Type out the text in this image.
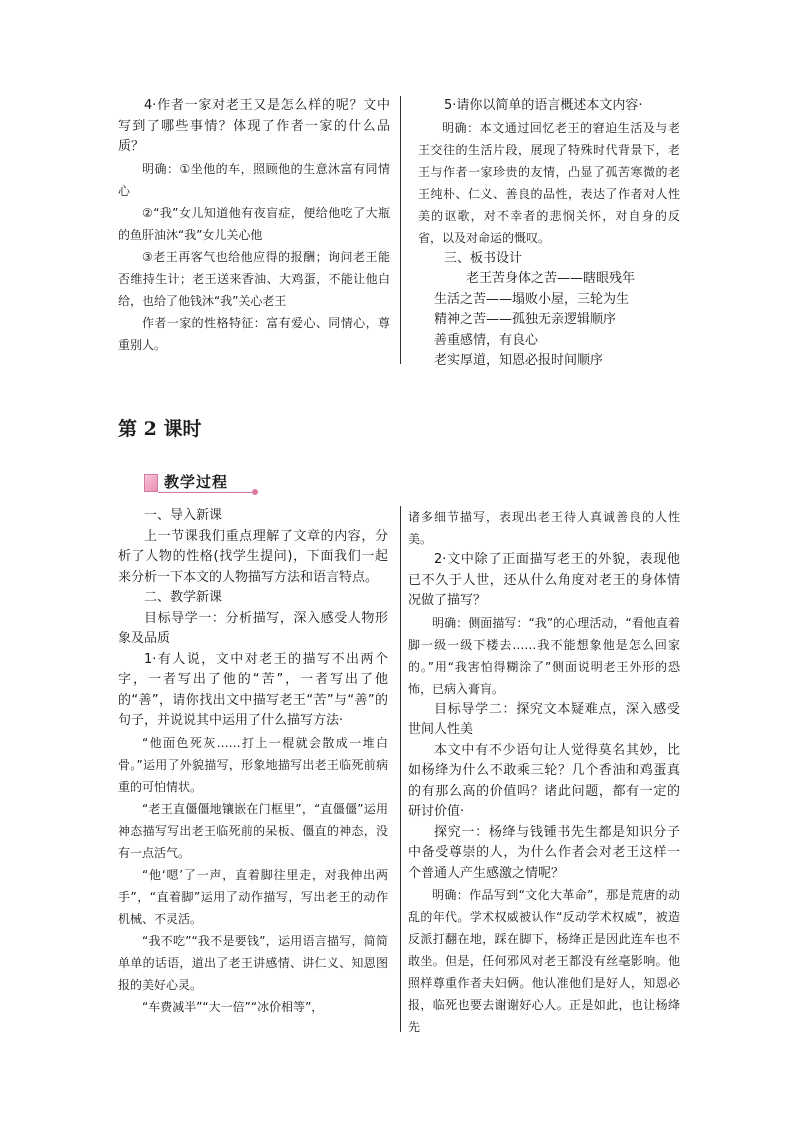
4·作者一家对老王又是怎么样的呢？文中写到了哪些事情？体现了作者一家的什么品质？

明确：①坐他的车，照顾他的生意沐富有同情心

②“我”女儿知道他有夜盲症，便给他吃了大瓶的鱼肝油沐“我”女儿关心他

③老王再客气也给他应得的报酬；询问老王能否维持生计；老王送来香油、大鸡蛋，不能让他白给，也给了他钱沐“我”关心老王

作者一家的性格特征：富有爱心、同情心，尊重别人。

5·请你以简单的语言概述本文内容·

明确：本文通过回忆老王的窘迫生活及与老王交往的生活片段，展现了特殊时代背景下，老王与作者一家珍贵的友情，凸显了孤苦寒微的老王纯朴、仁义、善良的品性，表达了作者对人性美的讴歌，对不幸者的悲悯关怀，对自身的反省，以及对命运的慨叹。

三、板书设计

老王苦身体之苦——瞎眼残年

生活之苦——塌败小屋，三轮为生

精神之苦——孤独无亲逻辑顺序

善重感情，有良心

老实厚道，知恩必报时间顺序

第 2 课时
教学过程

一、导入新课

上一节课我们重点理解了文章的内容，分析了人物的性格(找学生提问)，下面我们一起来分析一下本文的人物描写方法和语言特点。

二、教学新课

目标导学一：分析描写，深入感受人物形象及品质

1·有人说，文中对老王的描写不出两个字，一者写出了他的“苦”，一者写出了他的“善”，请你找出文中描写老王“苦”与“善”的句子，并说说其中运用了什么描写方法·

“他面色死灰……打上一棍就会散成一堆白骨。”运用了外貌描写，形象地描写出老王临死前病重的可怕情状。

“老王直僵僵地镶嵌在门框里”，“直僵僵”运用神态描写写出老王临死前的呆板、僵直的神态，没有一点活气。

“他‘嗯’了一声，直着脚往里走，对我伸出两手”，“直着脚”运用了动作描写，写出老王的动作机械、不灵活。

“我不吃”“我不是要钱”，运用语言描写，简简单单的话语，道出了老王讲感情、讲仁义、知恩图报的美好心灵。

“车费减半”“大一倍”“冰价相等”，

诸多细节描写，表现出老王待人真诚善良的人性美。

2·文中除了正面描写老王的外貌，表现他已不久于人世，还从什么角度对老王的身体情况做了描写？

明确：侧面描写：“我”的心理活动，“看他直着脚一级一级下楼去……我不能想象他是怎么回家的。”用“我害怕得糊涂了”侧面说明老王外形的恐怖，已病入膏肓。

目标导学二：探究文本疑难点，深入感受世间人性美

本文中有不少语句让人觉得莫名其妙，比如杨绛为什么不敢乘三轮？几个香油和鸡蛋真的有那么高的价值吗？诸此问题，都有一定的研讨价值·

探究一：杨绛与钱锺书先生都是知识分子中备受尊崇的人，为什么作者会对老王这样一个普通人产生感激之情呢？

明确：作品写到“文化大革命”，那是荒唐的动乱的年代。学术权威被认作“反动学术权威”，被造反派打翻在地，踩在脚下，杨绛正是因此连车也不敢坐。但是，任何邪风对老王都没有丝毫影响。他照样尊重作者夫妇俩。他认准他们是好人，知恩必报，临死也要去谢谢好心人。正是如此，也让杨绛先
